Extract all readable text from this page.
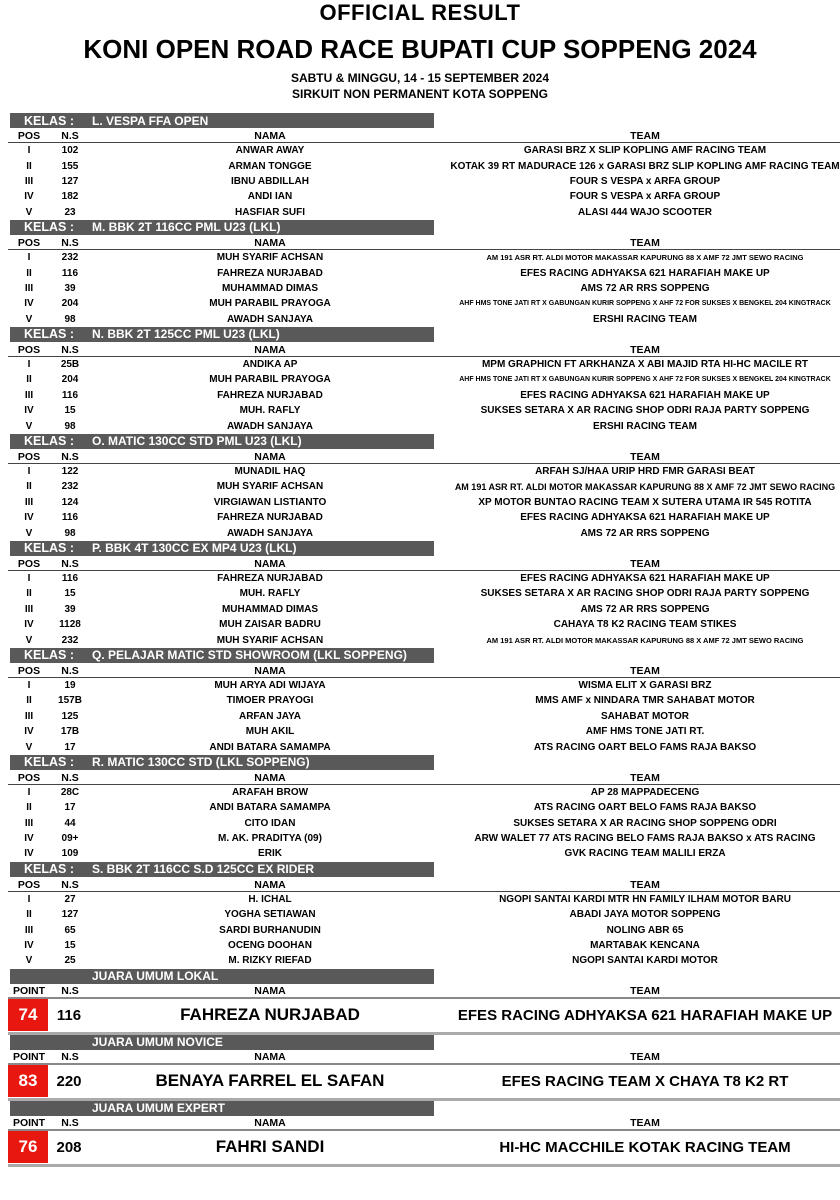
OFFICIAL RESULT
KONI OPEN ROAD RACE BUPATI CUP SOPPENG 2024
SABTU & MINGGU, 14 - 15 SEPTEMBER 2024
SIRKUIT NON PERMANENT KOTA SOPPENG
KELAS :	L. VESPA FFA OPEN
POS	N.S	NAMA	TEAM
I	102	ANWAR AWAY	GARASI BRZ X SLIP KOPLING AMF RACING TEAM
II	155	ARMAN TONGGE	KOTAK 39 RT MADURACE 126 x GARASI BRZ SLIP KOPLING AMF RACING TEAM
III	127	IBNU ABDILLAH	FOUR S VESPA x ARFA GROUP
IV	182	ANDI IAN	FOUR S VESPA x ARFA GROUP
V	23	HASFIAR SUFI	ALASI 444 WAJO SCOOTER
KELAS :	M. BBK 2T 116CC PML U23 (LKL)
POS	N.S	NAMA	TEAM
I	232	MUH SYARIF ACHSAN	AM 191 ASR RT. ALDI MOTOR MAKASSAR KAPURUNG 88 X AMF 72 JMT SEWO RACING
II	116	FAHREZA NURJABAD	EFES RACING ADHYAKSA 621 HARAFIAH MAKE UP
III	39	MUHAMMAD DIMAS	AMS 72 AR RRS SOPPENG
IV	204	MUH PARABIL PRAYOGA	AHF HMS TONE JATI RT X GABUNGAN KURIR SOPPENG X AHF 72 FOR SUKSES X BENGKEL 204 KINGTRACK
V	98	AWADH SANJAYA	ERSHI RACING TEAM
KELAS :	N. BBK 2T 125CC PML U23 (LKL)
POS	N.S	NAMA	TEAM
I	25B	ANDIKA AP	MPM GRAPHICN FT ARKHANZA X ABI MAJID RTA HI-HC MACILE RT
II	204	MUH PARABIL PRAYOGA	AHF HMS TONE JATI RT X GABUNGAN KURIR SOPPENG X AHF 72 FOR SUKSES X BENGKEL 204 KINGTRACK
III	116	FAHREZA NURJABAD	EFES RACING ADHYAKSA 621 HARAFIAH MAKE UP
IV	15	MUH. RAFLY	SUKSES SETARA X AR RACING SHOP ODRI RAJA PARTY SOPPENG
V	98	AWADH SANJAYA	ERSHI RACING TEAM
KELAS :	O. MATIC 130CC STD PML U23 (LKL)
POS	N.S	NAMA	TEAM
I	122	MUNADIL HAQ	ARFAH SJ/HAA URIP HRD FMR GARASI BEAT
II	232	MUH SYARIF ACHSAN	AM 191 ASR RT. ALDI MOTOR MAKASSAR KAPURUNG 88 X AMF 72 JMT SEWO RACING
III	124	VIRGIAWAN LISTIANTO	XP MOTOR BUNTAO RACING TEAM X SUTERA UTAMA IR 545 ROTITA
IV	116	FAHREZA NURJABAD	EFES RACING ADHYAKSA 621 HARAFIAH MAKE UP
V	98	AWADH SANJAYA	AMS 72 AR RRS SOPPENG
KELAS :	P. BBK 4T 130CC EX MP4 U23 (LKL)
POS	N.S	NAMA	TEAM
I	116	FAHREZA NURJABAD	EFES RACING ADHYAKSA 621 HARAFIAH MAKE UP
II	15	MUH. RAFLY	SUKSES SETARA X AR RACING SHOP ODRI RAJA PARTY SOPPENG
III	39	MUHAMMAD DIMAS	AMS 72 AR RRS SOPPENG
IV	1128	MUH ZAISAR BADRU	CAHAYA T8 K2 RACING TEAM STIKES
V	232	MUH SYARIF ACHSAN	AM 191 ASR RT. ALDI MOTOR MAKASSAR KAPURUNG 88 X AMF 72 JMT SEWO RACING
KELAS :	Q. PELAJAR MATIC STD SHOWROOM (LKL SOPPENG)
POS	N.S	NAMA	TEAM
I	19	MUH ARYA ADI WIJAYA	WISMA ELIT X GARASI BRZ
II	157B	TIMOER PRAYOGI	MMS AMF x NINDARA TMR SAHABAT MOTOR
III	125	ARFAN JAYA	SAHABAT MOTOR
IV	17B	MUH AKIL	AMF HMS TONE JATI RT.
V	17	ANDI BATARA SAMAMPA	ATS RACING OART BELO FAMS RAJA BAKSO
KELAS :	R. MATIC 130CC STD (LKL SOPPENG)
POS	N.S	NAMA	TEAM
I	28C	ARAFAH BROW	AP 28 MAPPADECENG
II	17	ANDI BATARA SAMAMPA	ATS RACING OART BELO FAMS RAJA BAKSO
III	44	CITO IDAN	SUKSES SETARA X AR RACING SHOP SOPPENG ODRI
IV	09+	M. AK. PRADITYA (09)	ARW WALET 77 ATS RACING BELO FAMS RAJA BAKSO x ATS RACING
IV	109	ERIK	GVK RACING TEAM MALILI ERZA
KELAS :	S. BBK 2T 116CC S.D 125CC EX RIDER
POS	N.S	NAMA	TEAM
I	27	H. ICHAL	NGOPI SANTAI KARDI MTR HN FAMILY ILHAM MOTOR BARU
II	127	YOGHA SETIAWAN	ABADI JAYA MOTOR SOPPENG
III	65	SARDI BURHANUDIN	NOLING ABR 65
IV	15	OCENG DOOHAN	MARTABAK KENCANA
V	25	M. RIZKY RIEFAD	NGOPI SANTAI KARDI MOTOR
JUARA UMUM LOKAL
POINT	N.S	NAMA	TEAM
74	116	FAHREZA NURJABAD	EFES RACING ADHYAKSA 621 HARAFIAH MAKE UP
JUARA UMUM NOVICE
POINT	N.S	NAMA	TEAM
83	220	BENAYA FARREL EL SAFAN	EFES RACING TEAM X CHAYA T8 K2 RT
JUARA UMUM EXPERT
POINT	N.S	NAMA	TEAM
76	208	FAHRI SANDI	HI-HC MACCHILE KOTAK RACING TEAM
